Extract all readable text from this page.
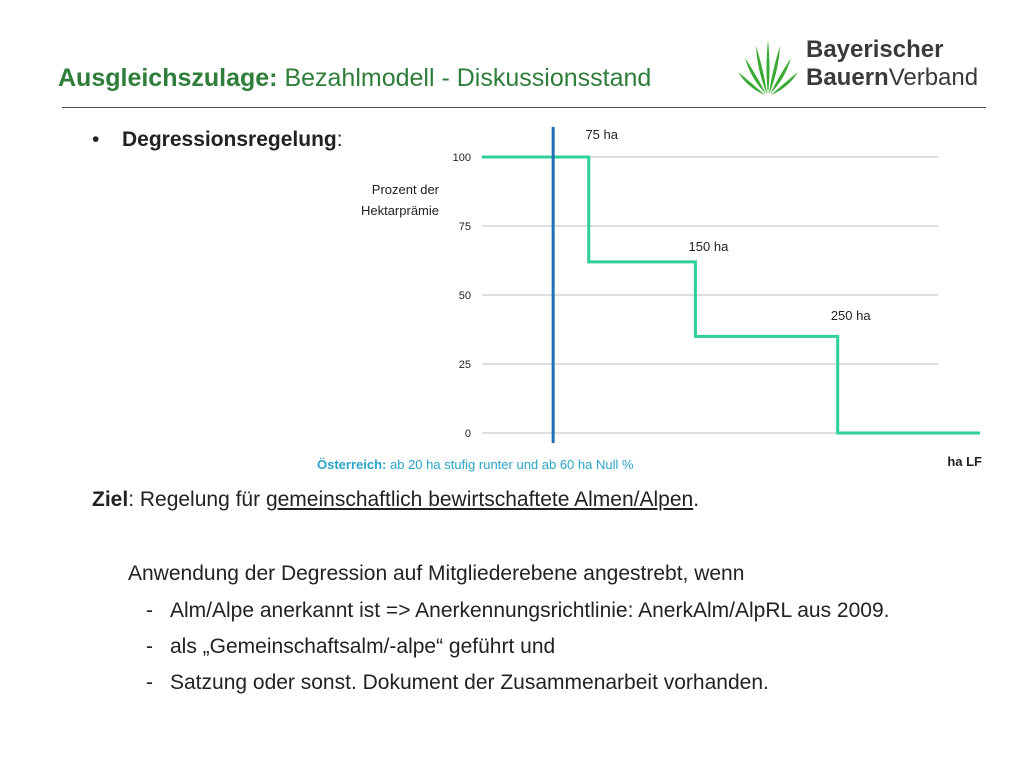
Ausgleichszulage: Bezahlmodell - Diskussionsstand
Bayerischer
BauernVerband
• Degressionsregelung:
0
25
50
75
100
Prozent der
Hektarprämie
75 ha
150 ha
250 ha
ha LF
Österreich: ab 20 ha stufig runter und ab 60 ha Null %
Ziel: Regelung für gemeinschaftlich bewirtschaftete Almen/Alpen.
Anwendung der Degression auf Mitgliederebene angestrebt, wenn
- Alm/Alpe anerkannt ist => Anerkennungsrichtlinie: AnerkAlm/AlpRL aus 2009.
- als „Gemeinschaftsalm/-alpe“ geführt und
- Satzung oder sonst. Dokument der Zusammenarbeit vorhanden.
